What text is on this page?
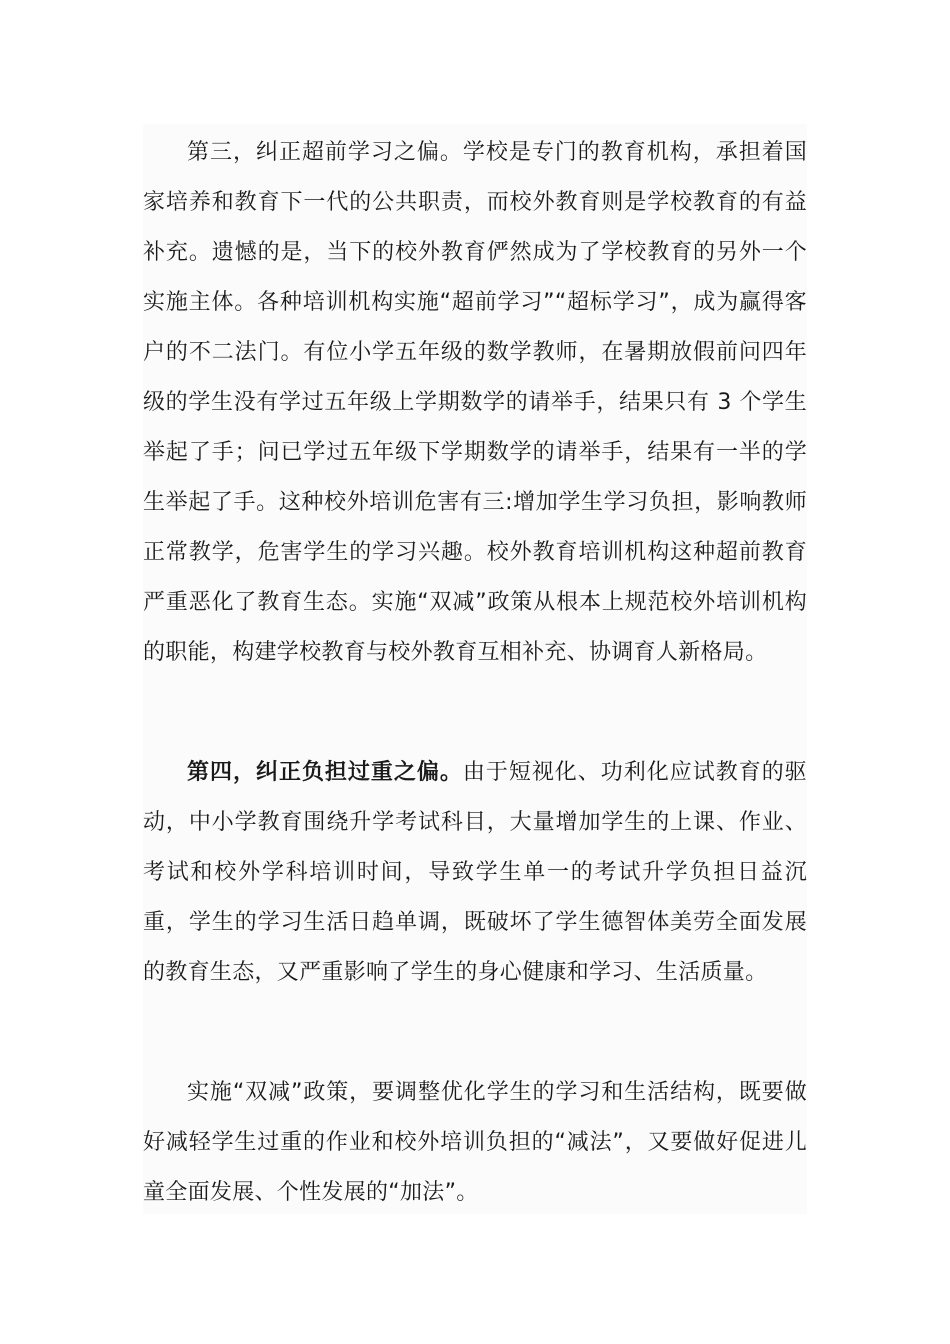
第三，纠正超前学习之偏。学校是专门的教育机构，承担着国家培养和教育下一代的公共职责，而校外教育则是学校教育的有益补充。遗憾的是，当下的校外教育俨然成为了学校教育的另外一个实施主体。各种培训机构实施“超前学习”“超标学习”，成为赢得客户的不二法门。有位小学五年级的数学教师，在暑期放假前问四年级的学生没有学过五年级上学期数学的请举手，结果只有 3 个学生举起了手；问已学过五年级下学期数学的请举手，结果有一半的学生举起了手。这种校外培训危害有三:增加学生学习负担，影响教师正常教学，危害学生的学习兴趣。校外教育培训机构这种超前教育严重恶化了教育生态。实施“双减”政策从根本上规范校外培训机构的职能，构建学校教育与校外教育互相补充、协调育人新格局。

第四，纠正负担过重之偏。由于短视化、功利化应试教育的驱动，中小学教育围绕升学考试科目，大量增加学生的上课、作业、考试和校外学科培训时间，导致学生单一的考试升学负担日益沉重，学生的学习生活日趋单调，既破坏了学生德智体美劳全面发展的教育生态，又严重影响了学生的身心健康和学习、生活质量。

实施“双减”政策，要调整优化学生的学习和生活结构，既要做好减轻学生过重的作业和校外培训负担的“减法”，又要做好促进儿童全面发展、个性发展的“加法”。
